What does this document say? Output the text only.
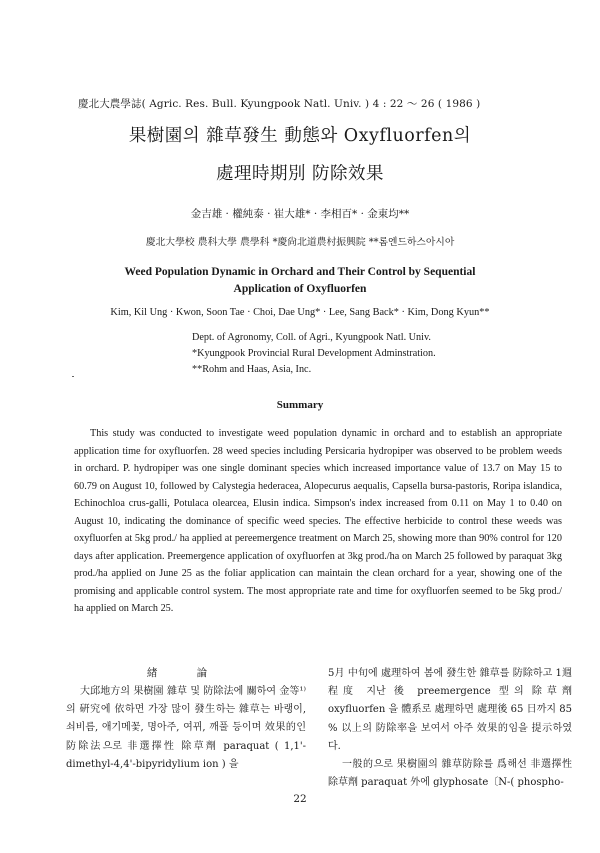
慶北大農學誌( Agric. Res. Bull. Kyungpook Natl. Univ. ) 4 : 22 ～ 26 ( 1986 )
果樹園의 雜草發生 動態와 Oxyfluorfen의
處理時期別 防除效果
金吉雄 · 權純泰 · 崔大雄* · 李相百* · 金東均**
慶北大學校 農科大學 農學科 *慶尙北道農村振興院 **롬엔드하스아시아
Weed Population Dynamic in Orchard and Their Control by Sequential
Application of Oxyfluorfen
Kim, Kil Ung · Kwon, Soon Tae · Choi, Dae Ung* · Lee, Sang Back* · Kim, Dong Kyun**
Dept. of Agronomy, Coll. of Agri., Kyungpook Natl. Univ.
*Kyungpook Provincial Rural Development Adminstration.
**Rohm and Haas, Asia, Inc.
Summary

This study was conducted to investigate weed population dynamic in orchard and to establish an appropriate application time for oxyfluorfen. 28 weed species including Persicaria hydropiper was observed to be problem weeds in orchard. P. hydropiper was one single dominant species which increased importance value of 13.7 on May 15 to 60.79 on August 10, followed by Calystegia hederacea, Alopecurus aequalis, Capsella bursa-pastoris, Roripa islandica, Echinochloa crus-galli, Potulaca olearcea, Elusin indica. Simpson's index increased from 0.11 on May 1 to 0.40 on August 10, indicating the dominance of specific weed species. The effective herbicide to control these weeds was oxyfluorfen at 5kg prod./ ha applied at pereemergence treatment on March 25, showing more than 90% control for 120 days after application. Preemergence application of oxyfluorfen at 3kg prod./ha on March 25 followed by paraquat 3kg prod./ha applied on June 25 as the foliar application can maintain the clean orchard for a year, showing one of the promising and applicable control system. The most appropriate rate and time for oxyfluorfen seemed to be 5kg prod./ ha applied on March 25.

緖 論

大邱地方의 果樹園 雜草 및 防除法에 關하여 金等¹⁾의 硏究에 依하면 가장 많이 發生하는 雜草는 바랭이, 쇠비름, 애기메꽃, 명아주, 여뀌, 깨풀 등이며 效果的인 防除法으로 非選擇性 除草劑 paraquat ( 1,1'-dimethyl-4,4'-bipyridylium ion ) 을

5月 中旬에 處理하여 봄에 發生한 雜草를 防除하고 1週程度 지난 後 preemergence 型의 除草劑 oxyfluorfen 을 體系로 處理하면 處理後 65 日까지 85 % 以上의 防除率을 보여서 아주 效果的임을 提示하였다.

一般的으로 果樹園의 雜草防除를 爲해선 非選擇性 除草劑 paraquat 外에 glyphosate〔N-( phospho-

22
